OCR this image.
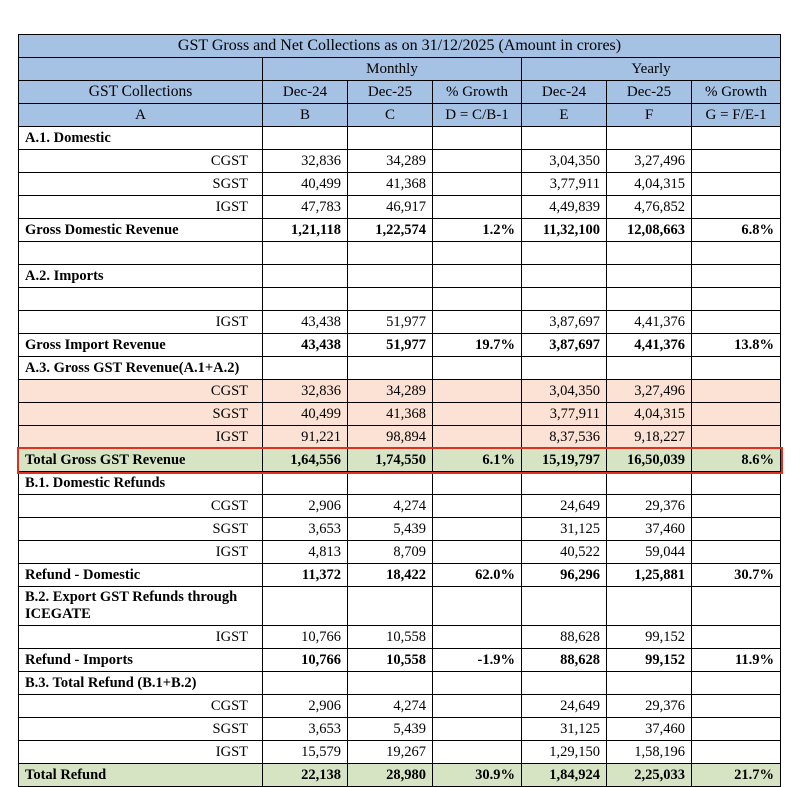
GST Gross and Net Collections as on 31/12/2025 (Amount in crores)						
	Monthly			Yearly		
GST Collections	Dec-24	Dec-25	% Growth	Dec-24	Dec-25	% Growth
A	B	C	D = C/B-1	E	F	G = F/E-1
A.1. Domestic						
CGST	32,836	34,289		3,04,350	3,27,496	
SGST	40,499	41,368		3,77,911	4,04,315	
IGST	47,783	46,917		4,49,839	4,76,852	
Gross Domestic Revenue	1,21,118	1,22,574	1.2%	11,32,100	12,08,663	6.8%

A.2. Imports						

IGST	43,438	51,977		3,87,697	4,41,376	
Gross Import Revenue	43,438	51,977	19.7%	3,87,697	4,41,376	13.8%
A.3. Gross GST Revenue(A.1+A.2)						
CGST	32,836	34,289		3,04,350	3,27,496	
SGST	40,499	41,368		3,77,911	4,04,315	
IGST	91,221	98,894		8,37,536	9,18,227	
Total Gross GST Revenue	1,64,556	1,74,550	6.1%	15,19,797	16,50,039	8.6%
B.1. Domestic Refunds						
CGST	2,906	4,274		24,649	29,376	
SGST	3,653	5,439		31,125	37,460	
IGST	4,813	8,709		40,522	59,044	
Refund - Domestic	11,372	18,422	62.0%	96,296	1,25,881	30.7%
B.2. Export GST Refunds through ICEGATE						
IGST	10,766	10,558		88,628	99,152	
Refund - Imports	10,766	10,558	-1.9%	88,628	99,152	11.9%
B.3. Total Refund (B.1+B.2)						
CGST	2,906	4,274		24,649	29,376	
SGST	3,653	5,439		31,125	37,460	
IGST	15,579	19,267		1,29,150	1,58,196	
Total Refund	22,138	28,980	30.9%	1,84,924	2,25,033	21.7%
